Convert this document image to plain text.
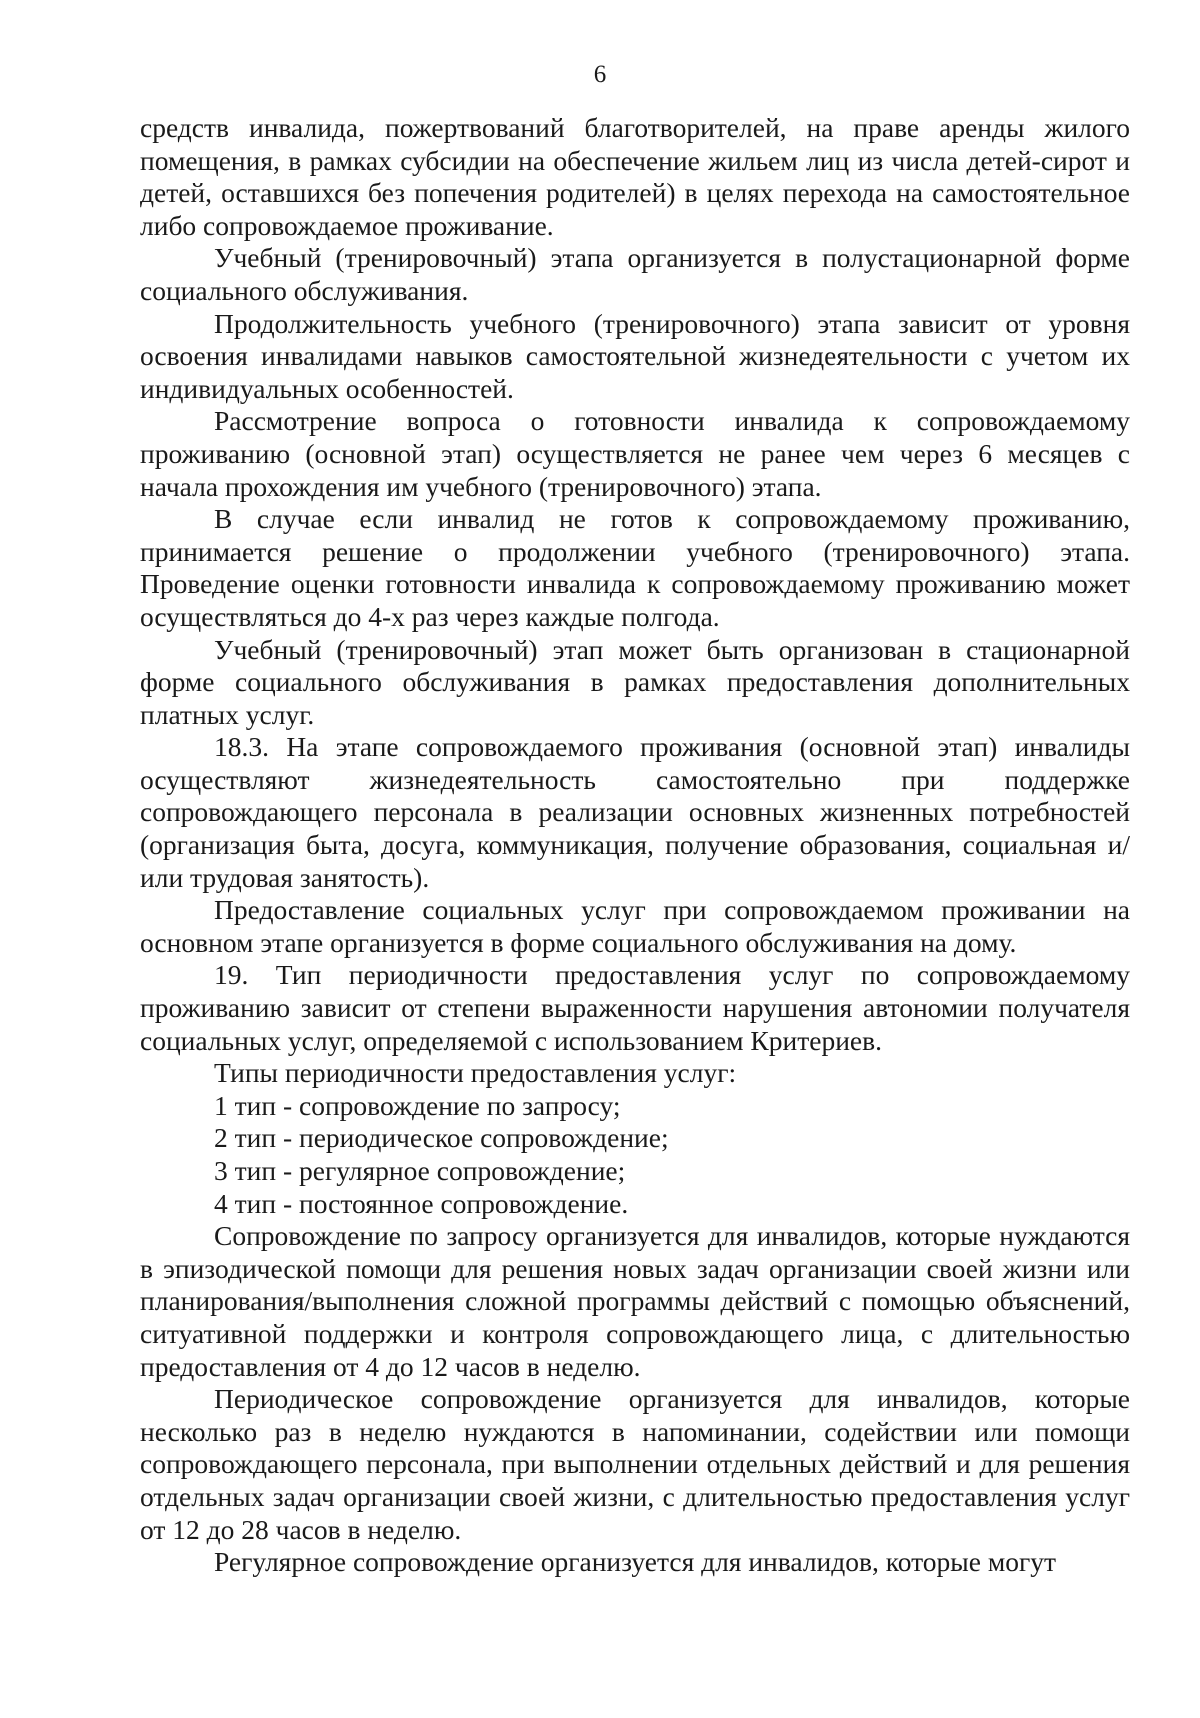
6

средств инвалида, пожертвований благотворителей, на праве аренды жилого помещения, в рамках субсидии на обеспечение жильем лиц из числа детей-сирот и детей, оставшихся без попечения родителей) в целях перехода на самостоятельное либо сопровождаемое проживание.

Учебный (тренировочный) этапа организуется в полустационарной форме социального обслуживания.

Продолжительность учебного (тренировочного) этапа зависит от уровня освоения инвалидами навыков самостоятельной жизнедеятельности с учетом их индивидуальных особенностей.

Рассмотрение вопроса о готовности инвалида к сопровождаемому проживанию (основной этап) осуществляется не ранее чем через 6 месяцев с начала прохождения им учебного (тренировочного) этапа.

В случае если инвалид не готов к сопровождаемому проживанию, принимается решение о продолжении учебного (тренировочного) этапа. Проведение оценки готовности инвалида к сопровождаемому проживанию может осуществляться до 4-х раз через каждые полгода.

Учебный (тренировочный) этап может быть организован в стационарной форме социального обслуживания в рамках предоставления дополнительных платных услуг.

18.3. На этапе сопровождаемого проживания (основной этап) инвалиды осуществляют жизнедеятельность самостоятельно при поддержке сопровождающего персонала в реализации основных жизненных потребностей (организация быта, досуга, коммуникация, получение образования, социальная и/или трудовая занятость).

Предоставление социальных услуг при сопровождаемом проживании на основном этапе организуется в форме социального обслуживания на дому.

19. Тип периодичности предоставления услуг по сопровождаемому проживанию зависит от степени выраженности нарушения автономии получателя социальных услуг, определяемой с использованием Критериев.

Типы периодичности предоставления услуг:

1 тип - сопровождение по запросу;

2 тип - периодическое сопровождение;

3 тип - регулярное сопровождение;

4 тип - постоянное сопровождение.

Сопровождение по запросу организуется для инвалидов, которые нуждаются в эпизодической помощи для решения новых задач организации своей жизни или планирования/выполнения сложной программы действий с помощью объяснений, ситуативной поддержки и контроля сопровождающего лица, с длительностью предоставления от 4 до 12 часов в неделю.

Периодическое сопровождение организуется для инвалидов, которые несколько раз в неделю нуждаются в напоминании, содействии или помощи сопровождающего персонала, при выполнении отдельных действий и для решения отдельных задач организации своей жизни, с длительностью предоставления услуг от 12 до 28 часов в неделю.

Регулярное сопровождение организуется для инвалидов, которые могут
